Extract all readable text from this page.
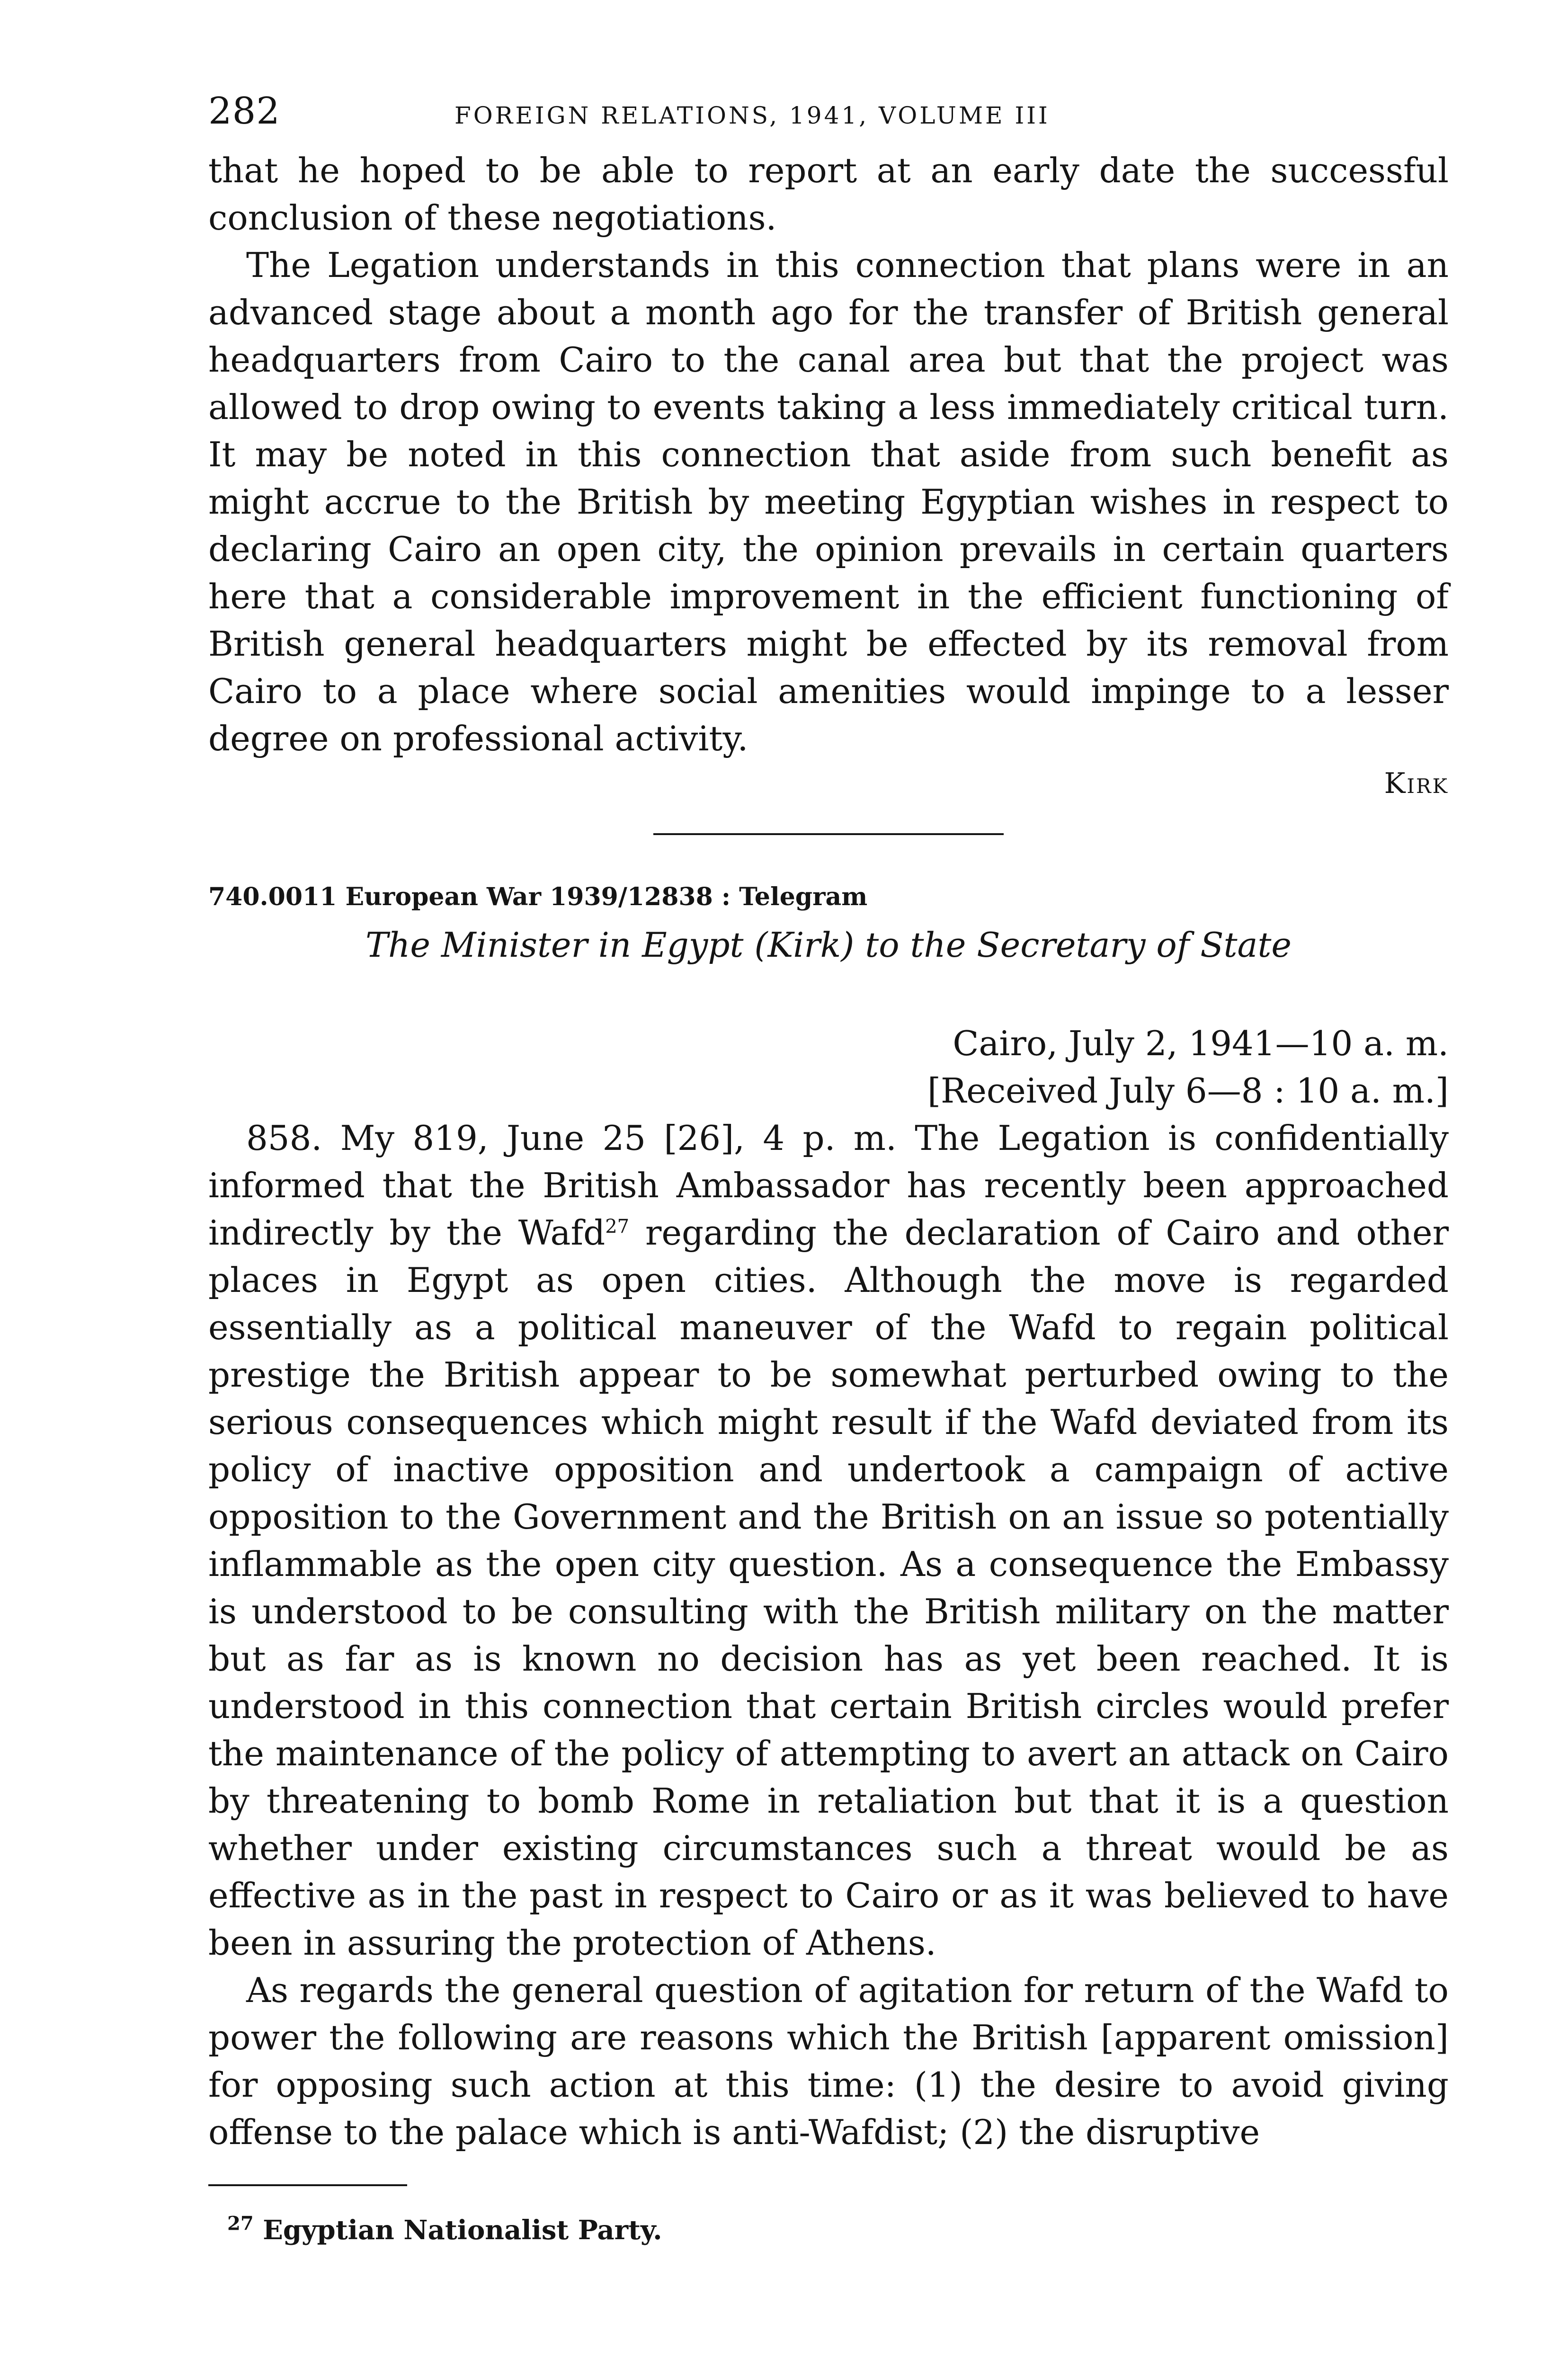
282	FOREIGN RELATIONS, 1941, VOLUME III

that he hoped to be able to report at an early date the successful conclusion of these negotiations.

The Legation understands in this connection that plans were in an advanced stage about a month ago for the transfer of British general headquarters from Cairo to the canal area but that the project was allowed to drop owing to events taking a less immediately critical turn. It may be noted in this connection that aside from such benefit as might accrue to the British by meeting Egyptian wishes in respect to declaring Cairo an open city, the opinion prevails in certain quarters here that a considerable improvement in the efficient functioning of British general headquarters might be effected by its removal from Cairo to a place where social amenities would impinge to a lesser degree on professional activity.

Kirk
740.0011 European War 1939/12838 : Telegram
The Minister in Egypt (Kirk) to the Secretary of State
Cairo, July 2, 1941—10 a. m.
[Received July 6—8 : 10 a. m.]

858. My 819, June 25 [26], 4 p. m. The Legation is confidentially informed that the British Ambassador has recently been approached indirectly by the Wafd$^{27}$ regarding the declaration of Cairo and other places in Egypt as open cities. Although the move is regarded essentially as a political maneuver of the Wafd to regain political prestige the British appear to be somewhat perturbed owing to the serious consequences which might result if the Wafd deviated from its policy of inactive opposition and undertook a campaign of active opposition to the Government and the British on an issue so potentially inflammable as the open city question. As a consequence the Embassy is understood to be consulting with the British military on the matter but as far as is known no decision has as yet been reached. It is understood in this connection that certain British circles would prefer the maintenance of the policy of attempting to avert an attack on Cairo by threatening to bomb Rome in retaliation but that it is a question whether under existing circumstances such a threat would be as effective as in the past in respect to Cairo or as it was believed to have been in assuring the protection of Athens.

As regards the general question of agitation for return of the Wafd to power the following are reasons which the British [apparent omission] for opposing such action at this time: (1) the desire to avoid giving offense to the palace which is anti-Wafdist; (2) the disruptive

$^{27}$ Egyptian Nationalist Party.
